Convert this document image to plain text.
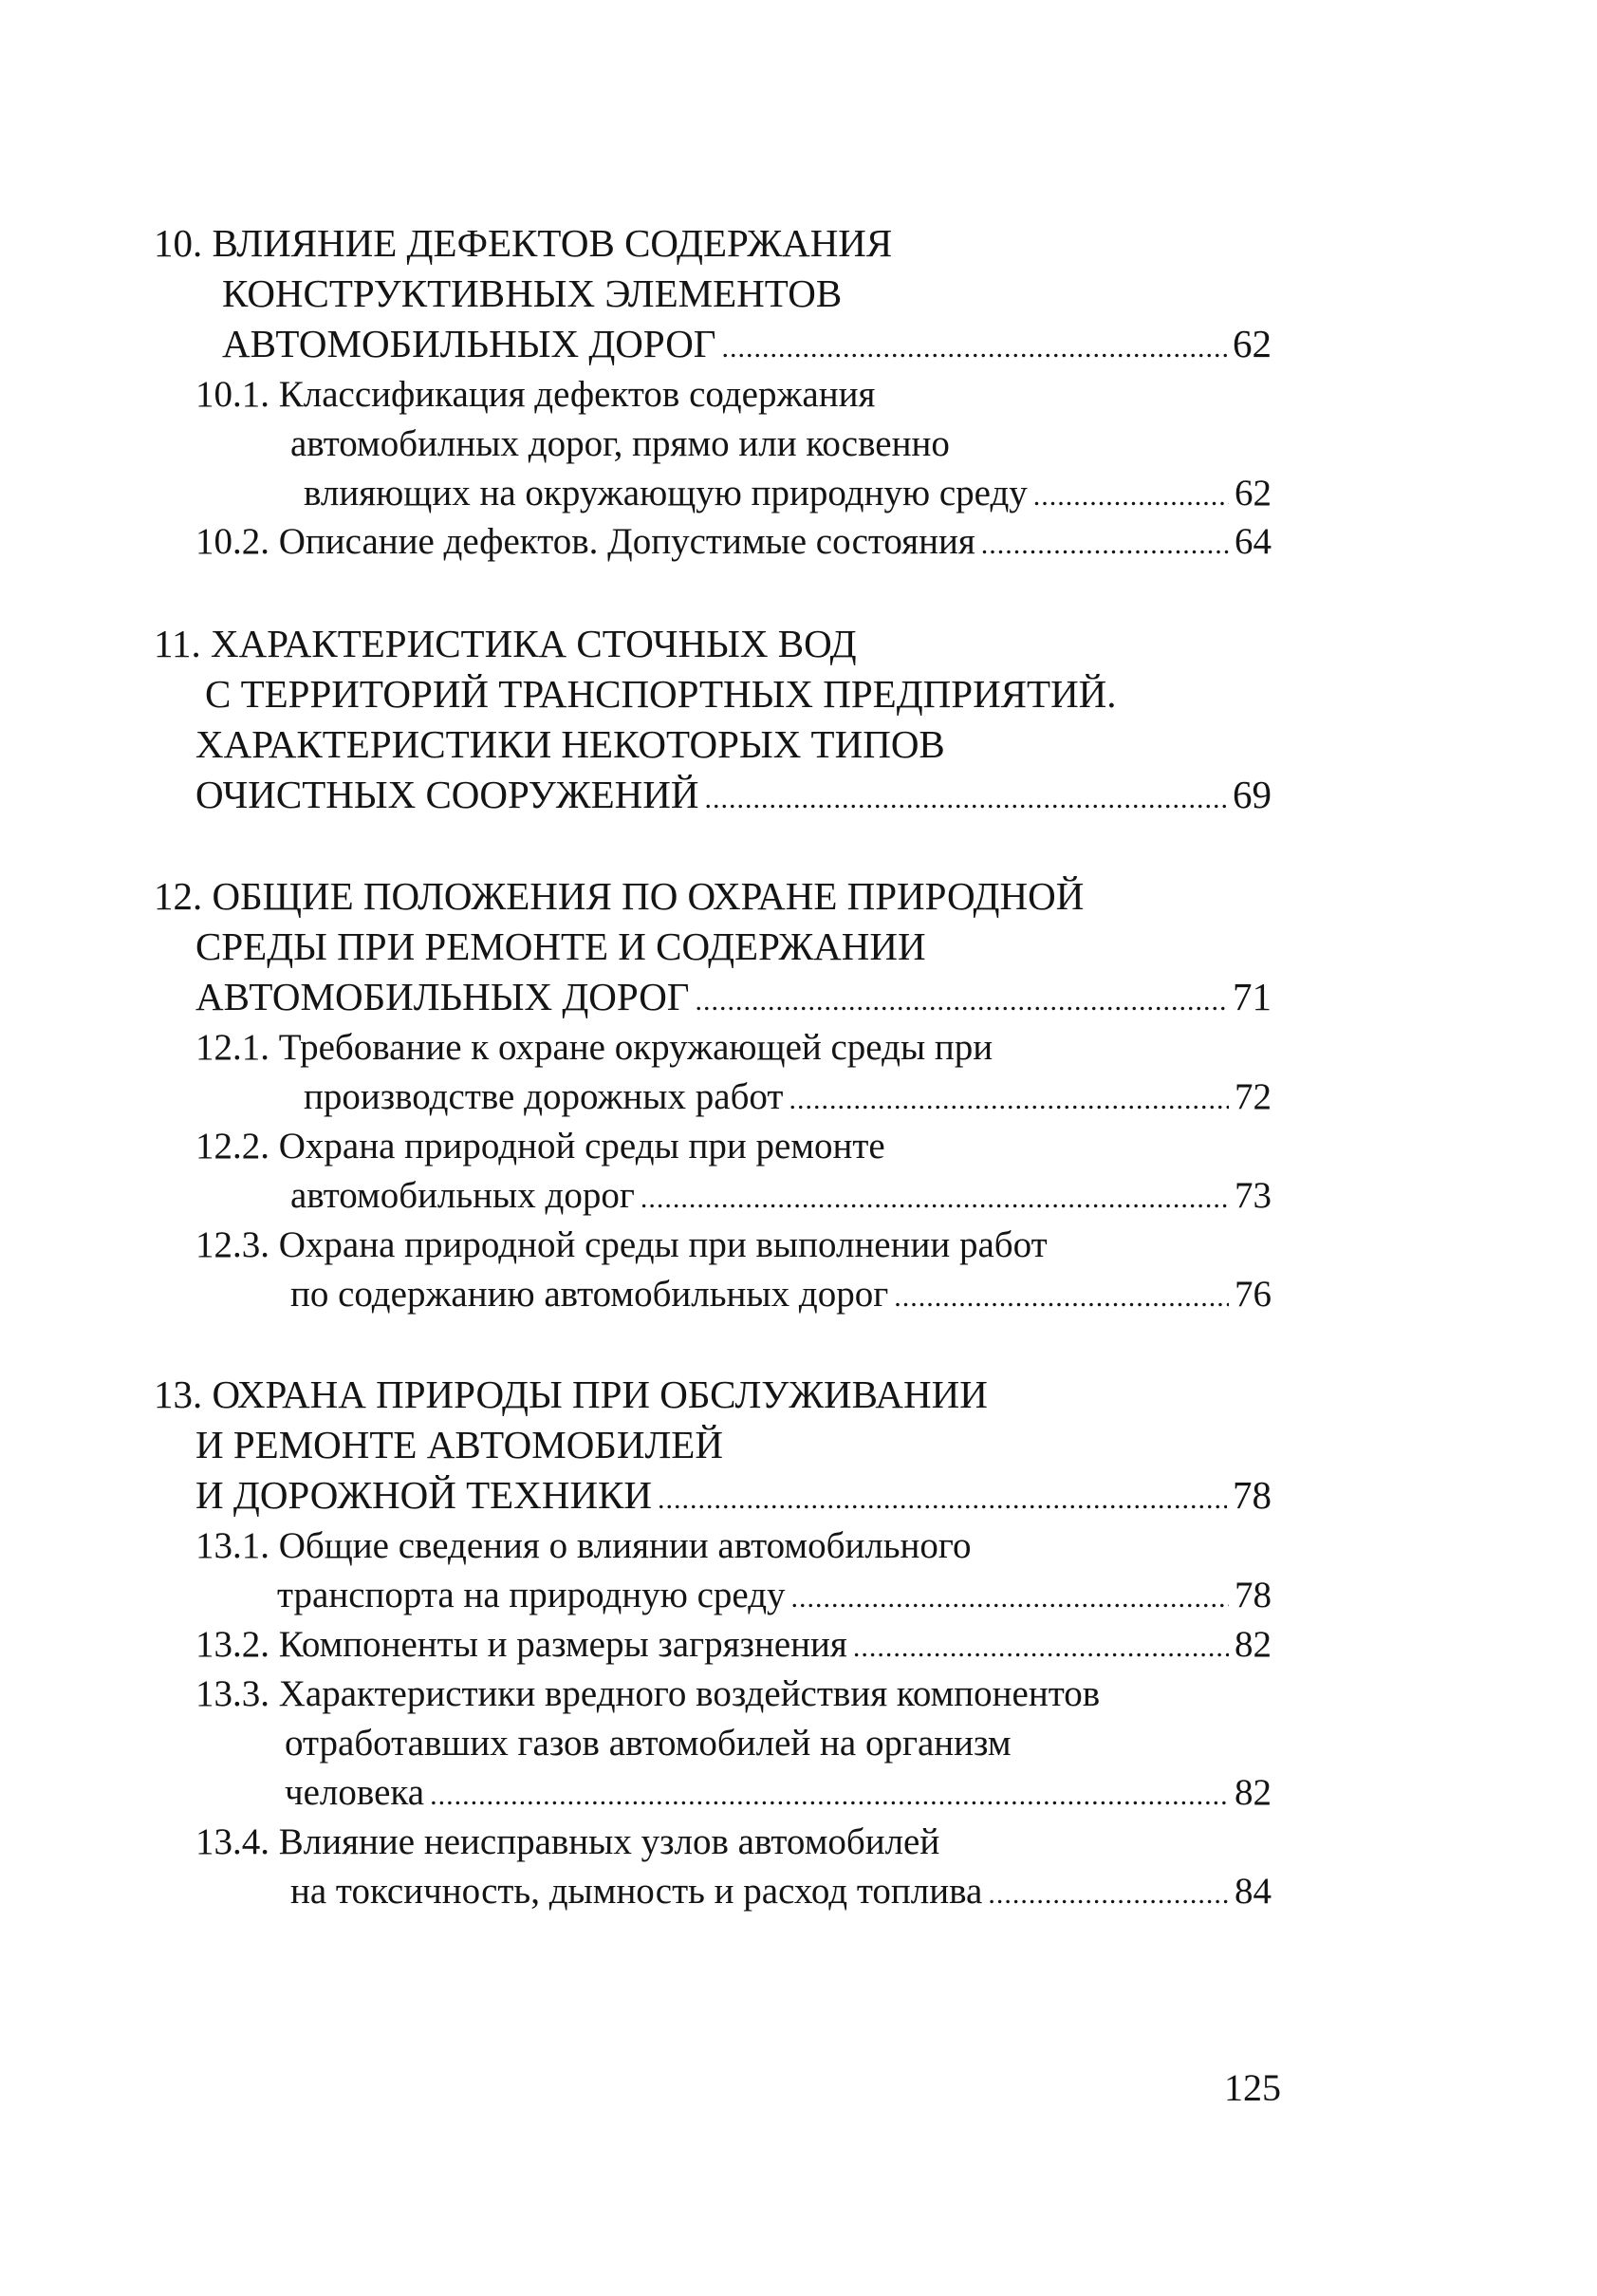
10. ВЛИЯНИЕ ДЕФЕКТОВ СОДЕРЖАНИЯ
КОНСТРУКТИВНЫХ ЭЛЕМЕНТОВ
АВТОМОБИЛЬНЫХ ДОРОГ .....	62
10.1. Классификация дефектов содержания
автомобилных дорог, прямо или косвенно
влияющих на окружающую природную среду .....	62
10.2. Описание дефектов. Допустимые состояния .....	64
11. ХАРАКТЕРИСТИКА СТОЧНЫХ ВОД
С ТЕРРИТОРИЙ ТРАНСПОРТНЫХ ПРЕДПРИЯТИЙ.
ХАРАКТЕРИСТИКИ НЕКОТОРЫХ ТИПОВ
ОЧИСТНЫХ СООРУЖЕНИЙ .....	69
12. ОБЩИЕ ПОЛОЖЕНИЯ ПО ОХРАНЕ ПРИРОДНОЙ
СРЕДЫ ПРИ РЕМОНТЕ И СОДЕРЖАНИИ
АВТОМОБИЛЬНЫХ ДОРОГ .....	71
12.1. Требование к охране окружающей среды при
производстве дорожных работ .....	72
12.2. Охрана природной среды при ремонте
автомобильных дорог .....	73
12.3. Охрана природной среды при выполнении работ
по содержанию автомобильных дорог .....	76
13. ОХРАНА ПРИРОДЫ ПРИ ОБСЛУЖИВАНИИ
И РЕМОНТЕ АВТОМОБИЛЕЙ
И ДОРОЖНОЙ ТЕХНИКИ .....	78
13.1. Общие сведения о влиянии автомобильного
транспорта на природную среду .....	78
13.2. Компоненты и размеры загрязнения .....	82
13.3. Характеристики вредного воздействия компонентов
отработавших газов автомобилей на организм
человека .....	82
13.4. Влияние неисправных узлов автомобилей
на токсичность, дымность и расход топлива .....	84
125
